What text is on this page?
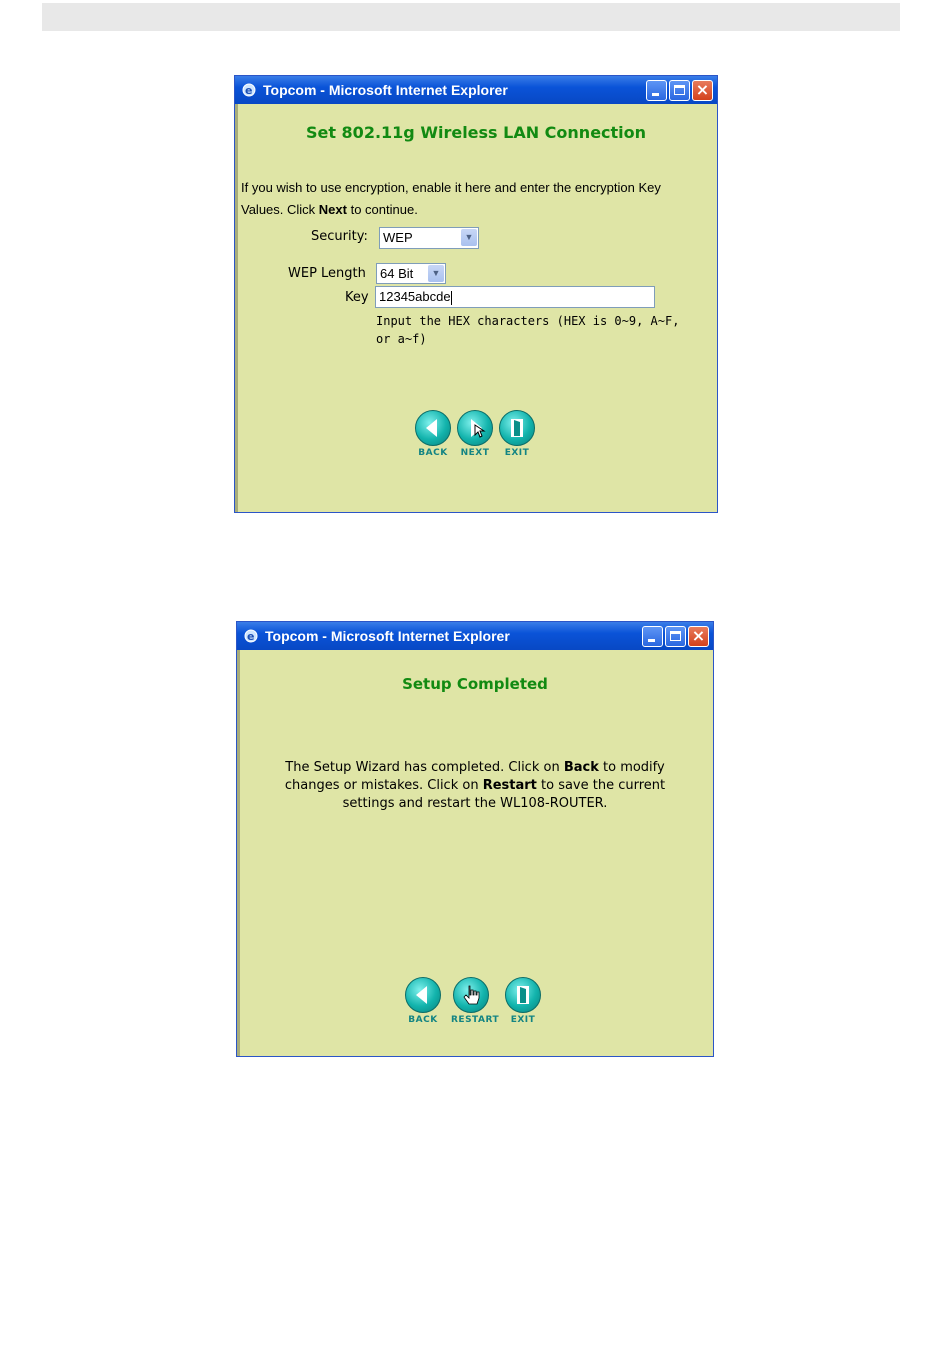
e Topcom - Microsoft Internet Explorer	×
Set 802.11g Wireless LAN Connection
If you wish to use encryption, enable it here and enter the encryption Key
Values. Click Next to continue.
Security:	WEP	▼
WEP Length	64 Bit	▼
Key 12345abcde
Input the HEX characters (HEX is 0~9, A~F,
or a~f)
BACK	NEXT	EXIT
e Topcom - Microsoft Internet Explorer	×
Setup Completed
The Setup Wizard has completed. Click on Back to modify
changes or mistakes. Click on Restart to save the current
settings and restart the WL108-ROUTER.
BACK	RESTART	EXIT
